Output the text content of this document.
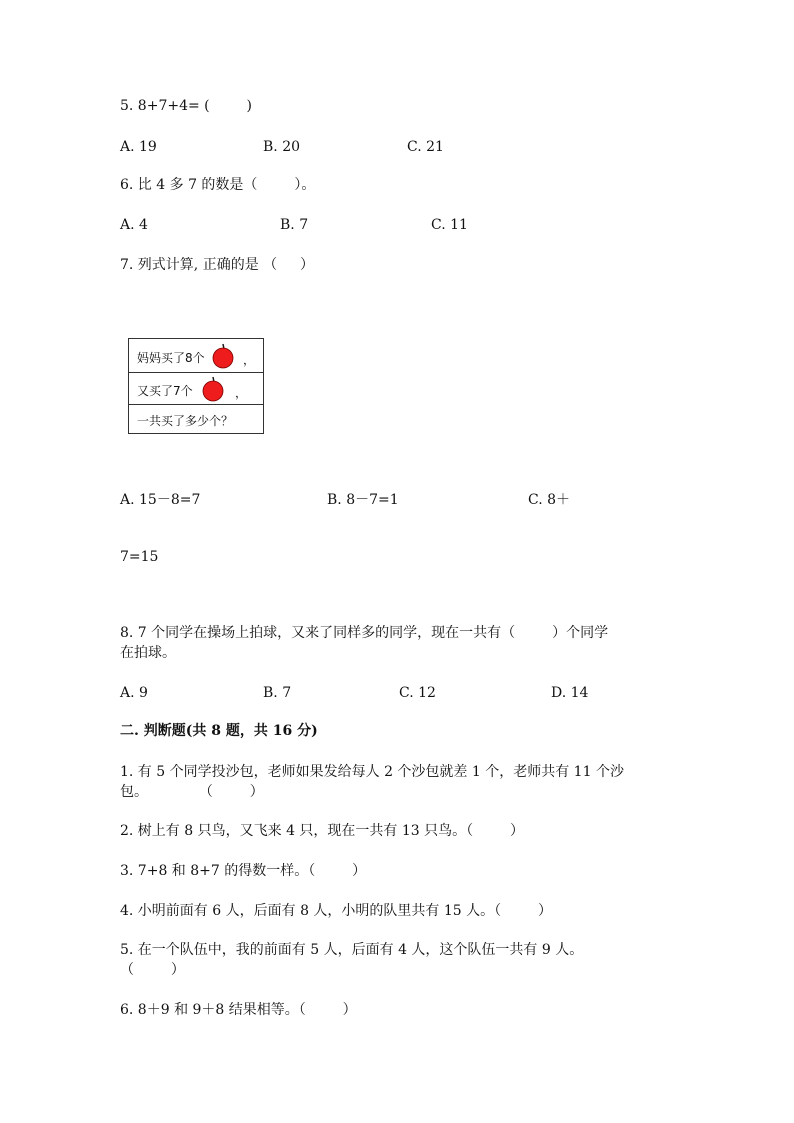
5. 8+7+4= ( 　　 )
A. 19	B. 20	C. 21
6. 比 4 多 7 的数是（ 　　 ）。
A. 4	B. 7	C. 11
7. 列式计算, 正确的是 （ 　 ）
妈妈买了8个	，
又买了7个	，
一共买了多少个？
A. 15－8=7	B. 8－7=1	C. 8＋
7=15
8. 7 个同学在操场上拍球，又来了同样多的同学，现在一共有（ 　　 ）个同学
在拍球。
A. 9	B. 7	C. 12	D. 14
二. 判断题(共 8 题，共 16 分)
1. 有 5 个同学投沙包，老师如果发给每人 2 个沙包就差 1 个，老师共有 11 个沙
包。 　　　 （ 　　 ）
2. 树上有 8 只鸟，又飞来 4 只，现在一共有 13 只鸟。（ 　　 ）
3. 7+8 和 8+7 的得数一样。（ 　　 ）
4. 小明前面有 6 人，后面有 8 人，小明的队里共有 15 人。（ 　　 ）
5. 在一个队伍中，我的前面有 5 人，后面有 4 人，这个队伍一共有 9 人。
（ 　　 ）
6. 8＋9 和 9＋8 结果相等。（ 　　 ）
